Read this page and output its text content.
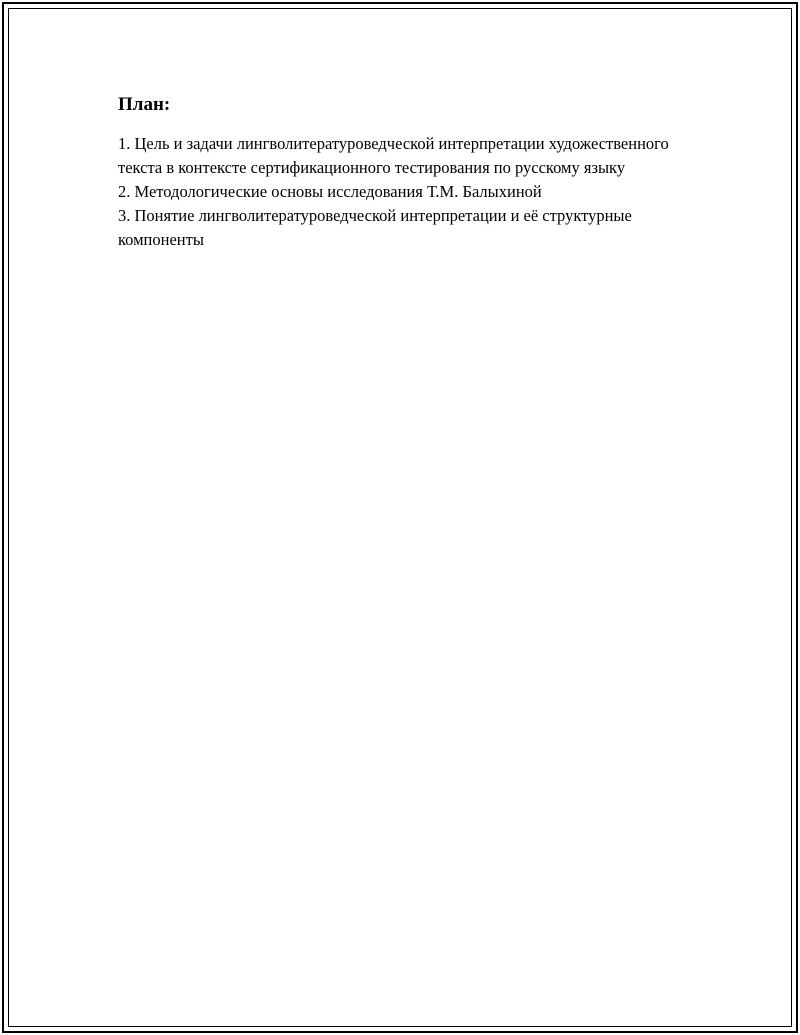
План:
1. Цель и задачи лингволитературоведческой интерпретации художественного текста в контексте сертификационного тестирования по русскому языку
2. Методологические основы исследования Т.М. Балыхиной
3. Понятие лингволитературоведческой интерпретации и её структурные компоненты
